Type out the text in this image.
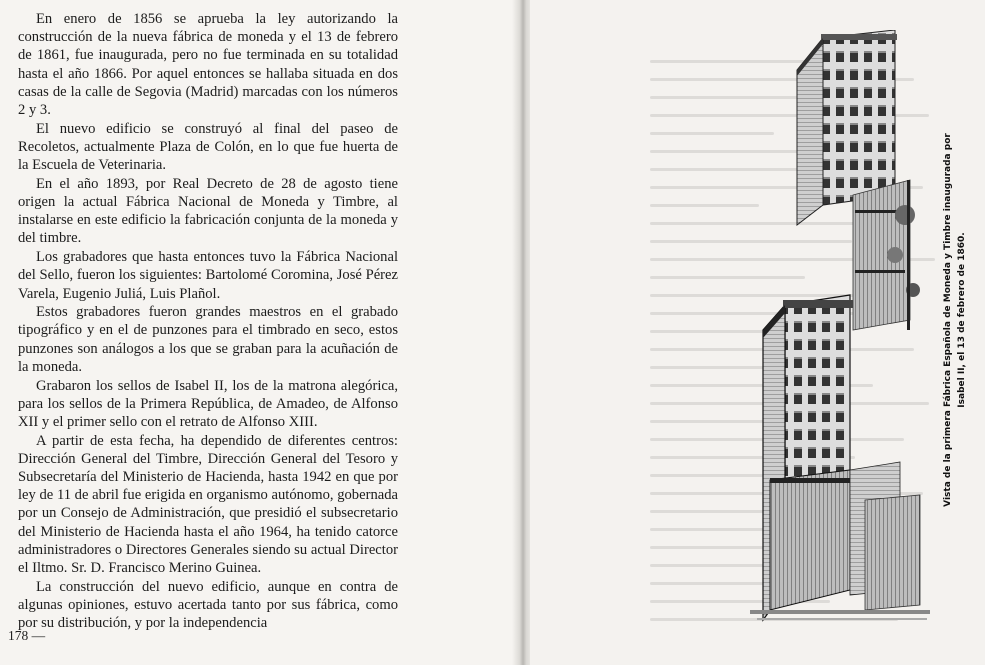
En enero de 1856 se aprueba la ley autorizando la construcción de la nueva fábrica de moneda y el 13 de febrero de 1861, fue inaugurada, pero no fue terminada en su totalidad hasta el año 1866. Por aquel entonces se hallaba situada en dos casas de la calle de Segovia (Madrid) marcadas con los números 2 y 3.

El nuevo edificio se construyó al final del paseo de Recoletos, actualmente Plaza de Colón, en lo que fue huerta de la Escuela de Veterinaria.

En el año 1893, por Real Decreto de 28 de agosto tiene origen la actual Fábrica Nacional de Moneda y Timbre, al instalarse en este edificio la fabricación conjunta de la moneda y del timbre.

Los grabadores que hasta entonces tuvo la Fábrica Nacional del Sello, fueron los siguientes: Bartolomé Coromina, José Pérez Varela, Eugenio Juliá, Luis Plañol.

Estos grabadores fueron grandes maestros en el grabado tipográfico y en el de punzones para el timbrado en seco, estos punzones son análogos a los que se graban para la acuñación de la moneda.

Grabaron los sellos de Isabel II, los de la matrona alegórica, para los sellos de la Primera República, de Amadeo, de Alfonso XII y el primer sello con el retrato de Alfonso XIII.

A partir de esta fecha, ha dependido de diferentes centros: Dirección General del Timbre, Dirección General del Tesoro y Subsecretaría del Ministerio de Hacienda, hasta 1942 en que por ley de 11 de abril fue erigida en organismo autónomo, gobernada por un Consejo de Administración, que presidió el subsecretario del Ministerio de Hacienda hasta el año 1964, ha tenido catorce administradores o Directores Generales siendo su actual Director el Iltmo. Sr. D. Francisco Merino Guinea.

La construcción del nuevo edificio, aunque en contra de algunas opiniones, estuvo acertada tanto por sus fábrica, como por su distribución, y por la independencia

178 —
Vista de la primera Fábrica Española de Moneda y Timbre inaugurada por Isabel II, el 13 de febrero de 1860.
